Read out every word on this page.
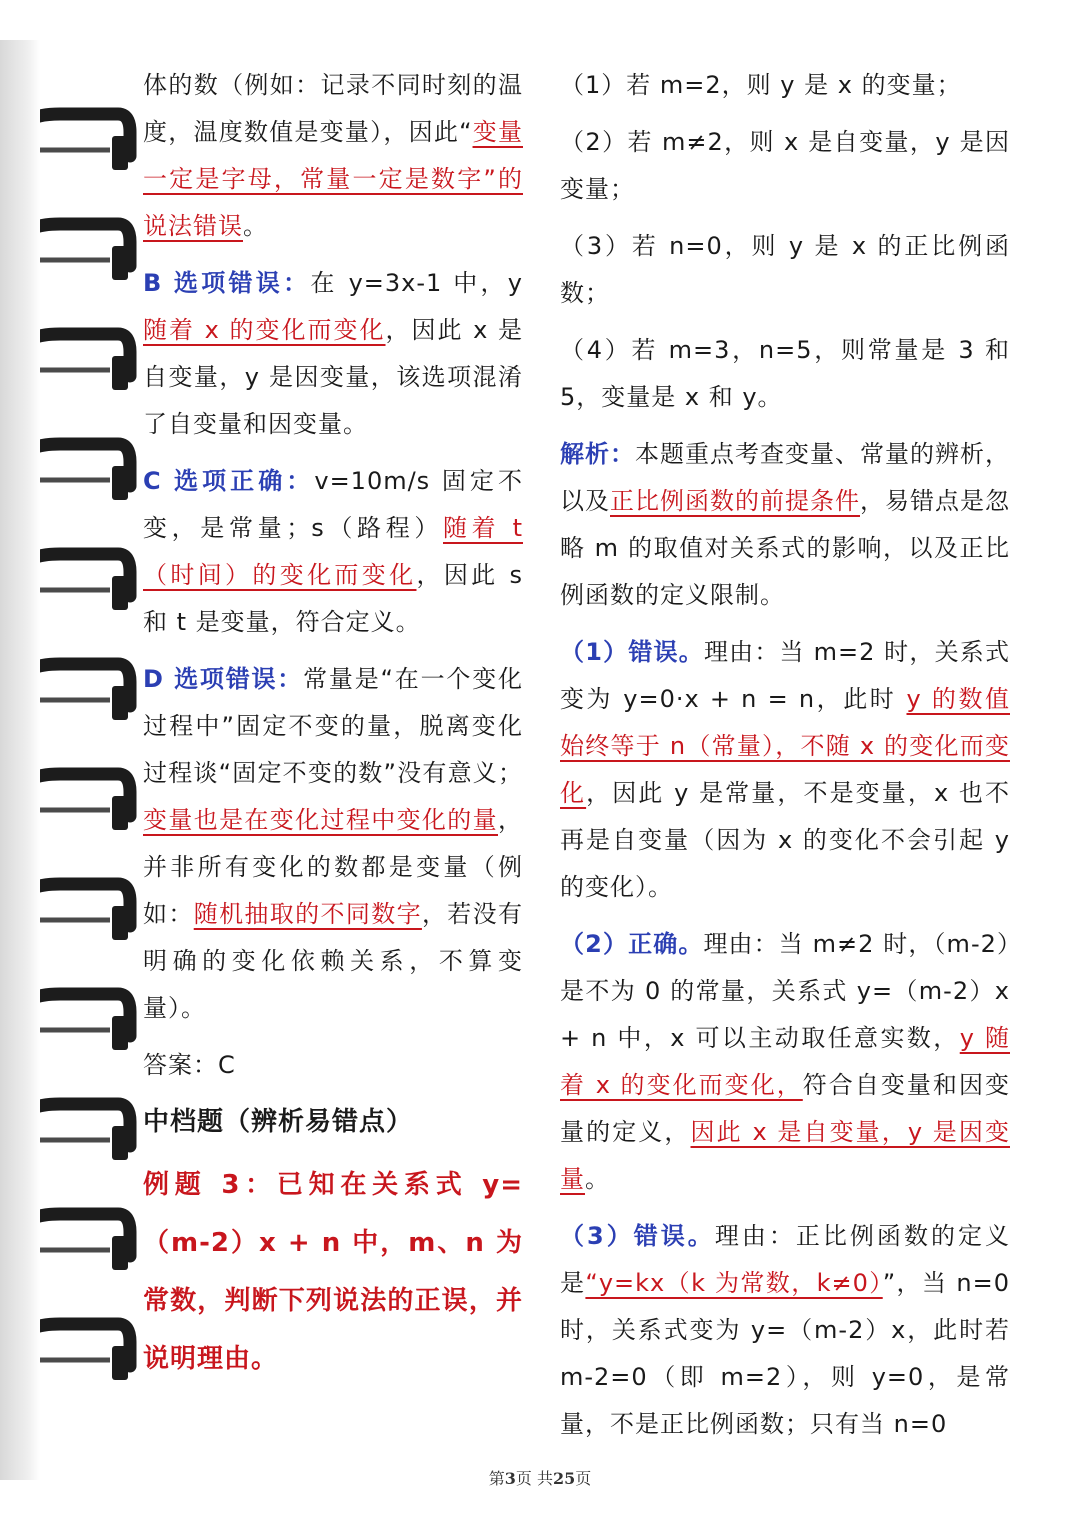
体的数（例如：记录不同时刻的温度，温度数值是变量），因此“变量一定是字母，常量一定是数字”的说法错误。

B 选项错误：在 y=3x-1 中，y 随着 x 的变化而变化，因此 x 是自变量，y 是因变量，该选项混淆了自变量和因变量。

C 选项正确：v=10m/s 固定不变，是常量；s（路程）随着 t（时间）的变化而变化，因此 s 和 t 是变量，符合定义。

D 选项错误：常量是“在一个变化过程中”固定不变的量，脱离变化过程谈“固定不变的数”没有意义；变量也是在变化过程中变化的量，并非所有变化的数都是变量（例如：随机抽取的不同数字，若没有明确的变化依赖关系，不算变量）。

答案：C

中档题（辨析易错点）

例题 3：已知在关系式 y=（m-2）x + n 中，m、n 为常数，判断下列说法的正误，并说明理由。

（1）若 m=2，则 y 是 x 的变量；

（2）若 m≠2，则 x 是自变量，y 是因变量；

（3）若 n=0，则 y 是 x 的正比例函数；

（4）若 m=3，n=5，则常量是 3 和 5，变量是 x 和 y。

解析：本题重点考查变量、常量的辨析，以及正比例函数的前提条件，易错点是忽略 m 的取值对关系式的影响，以及正比例函数的定义限制。

（1）错误。理由：当 m=2 时，关系式变为 y=0·x + n = n，此时 y 的数值始终等于 n（常量），不随 x 的变化而变化，因此 y 是常量，不是变量，x 也不再是自变量（因为 x 的变化不会引起 y 的变化）。

（2）正确。理由：当 m≠2 时，（m-2）是不为 0 的常量，关系式 y=（m-2）x + n 中，x 可以主动取任意实数，y 随着 x 的变化而变化，符合自变量和因变量的定义，因此 x 是自变量，y 是因变量。

（3）错误。理由：正比例函数的定义是“y=kx（k 为常数，k≠0）”，当 n=0 时，关系式变为 y=（m-2）x，此时若 m-2=0（即 m=2），则 y=0，是常量，不是正比例函数；只有当 n=0

第3页 共25页
